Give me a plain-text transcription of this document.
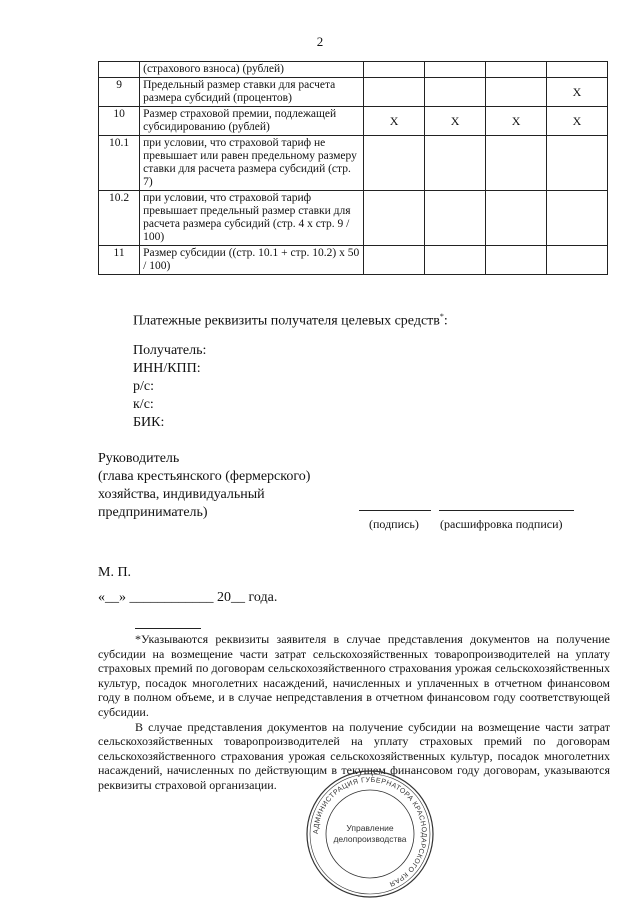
2
	(страхового взноса) (рублей)				
9	Предельный размер ставки для расчета размера субсидий (процентов)				X
10	Размер страховой премии, подлежащей субсидированию (рублей)	X	X	X	X
10.1	при условии, что страховой тариф не превышает или равен предельному размеру ставки для расчета размера субсидий (стр. 7)				
10.2	при условии, что страховой тариф превышает предельный размер ставки для расчета размера субсидий (стр. 4 x стр. 9 / 100)				
11	Размер субсидии ((стр. 10.1 + стр. 10.2) x 50 / 100)				
Платежные реквизиты получателя целевых средств*:
Получатель:
ИНН/КПП:
р/с:
к/с:
БИК:
Руководитель
(глава крестьянского (фермерского)
хозяйства, индивидуальный
предприниматель)
(подпись) (расшифровка подписи)
М. П.
«__» ____________ 20__ года.

*Указываются реквизиты заявителя в случае представления документов на получение субсидии на возмещение части затрат сельскохозяйственных товаропроизводителей на уплату страховых премий по договорам сельскохозяйственного страхования урожая сельскохозяйственных культур, посадок многолетних насаждений, начисленных и уплаченных в отчетном финансовом году в полном объеме, и в случае непредставления в отчетном финансовом году соответствующей субсидии.

В случае представления документов на получение субсидии на возмещение части затрат сельскохозяйственных товаропроизводителей на уплату страховых премий по договорам сельскохозяйственного страхования урожая сельскохозяйственных культур, посадок многолетних насаждений, начисленных по действующим в текущем финансовом году договорам, указываются реквизиты страховой организации.

АДМИНИСТРАЦИЯ ГУБЕРНАТОРА КРАСНОДАРСКОГО КРАЯ
Управление
делопроизводства
